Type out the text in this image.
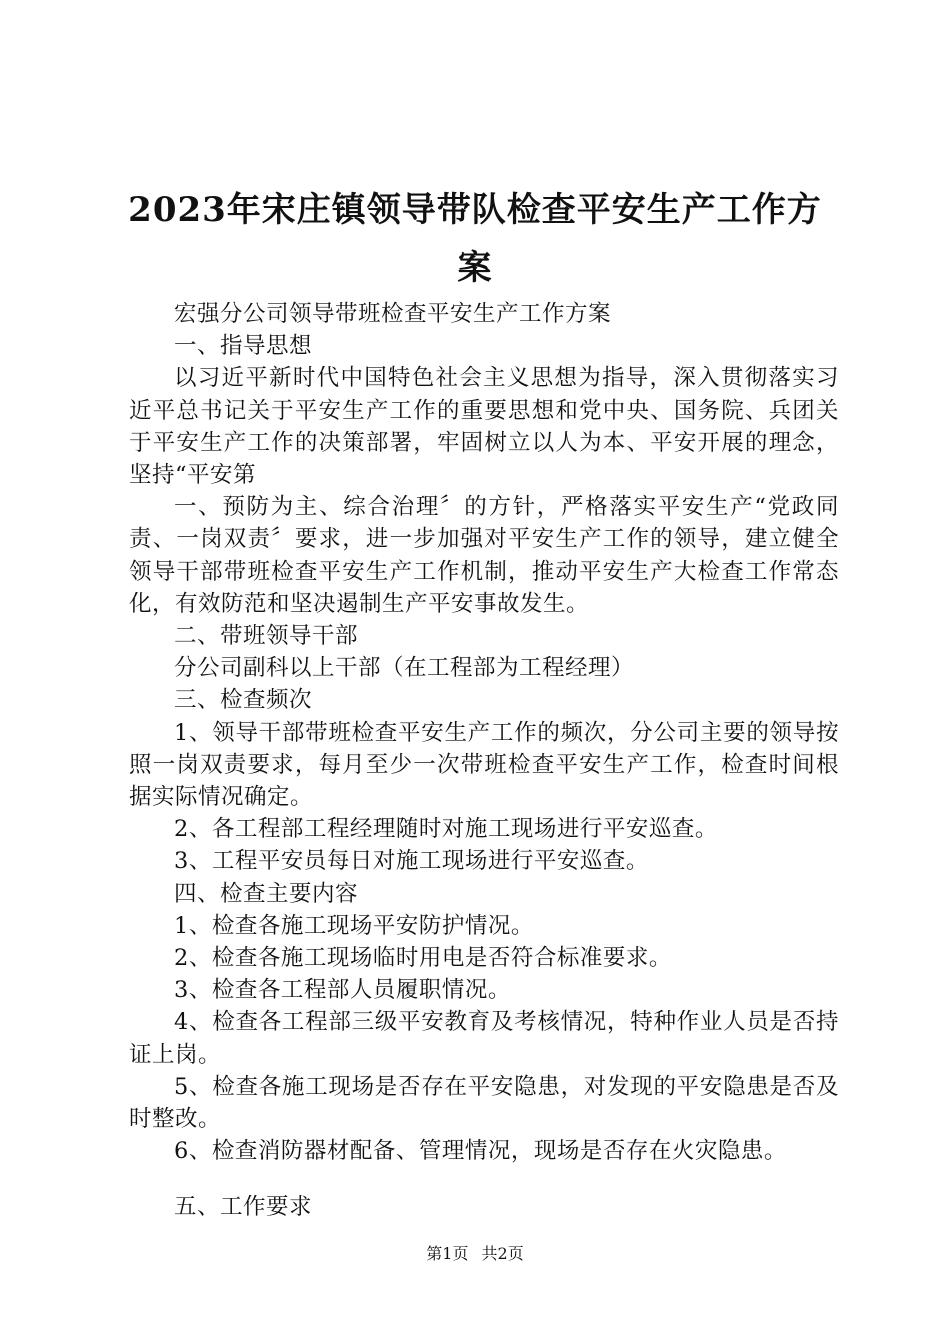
2023年宋庄镇领导带队检查平安生产工作方
案

宏强分公司领导带班检查平安生产工作方案

一、指导思想

以习近平新时代中国特色社会主义思想为指导，深入贯彻落实习近平总书记关于平安生产工作的重要思想和党中央、国务院、兵团关于平安生产工作的决策部署，牢固树立以人为本、平安开展的理念，坚持“平安第

一、预防为主、综合治理〞的方针，严格落实平安生产“党政同责、一岗双责〞要求，进一步加强对平安生产工作的领导，建立健全领导干部带班检查平安生产工作机制，推动平安生产大检查工作常态化，有效防范和坚决遏制生产平安事故发生。

二、带班领导干部

分公司副科以上干部（在工程部为工程经理）

三、检查频次

1、领导干部带班检查平安生产工作的频次，分公司主要的领导按照一岗双责要求，每月至少一次带班检查平安生产工作，检查时间根据实际情况确定。

2、各工程部工程经理随时对施工现场进行平安巡查。

3、工程平安员每日对施工现场进行平安巡查。

四、检查主要内容

1、检查各施工现场平安防护情况。

2、检查各施工现场临时用电是否符合标准要求。

3、检查各工程部人员履职情况。

4、检查各工程部三级平安教育及考核情况，特种作业人员是否持证上岗。

5、检查各施工现场是否存在平安隐患，对发现的平安隐患是否及时整改。

6、检查消防器材配备、管理情况，现场是否存在火灾隐患。

五、工作要求

第1页 共2页
